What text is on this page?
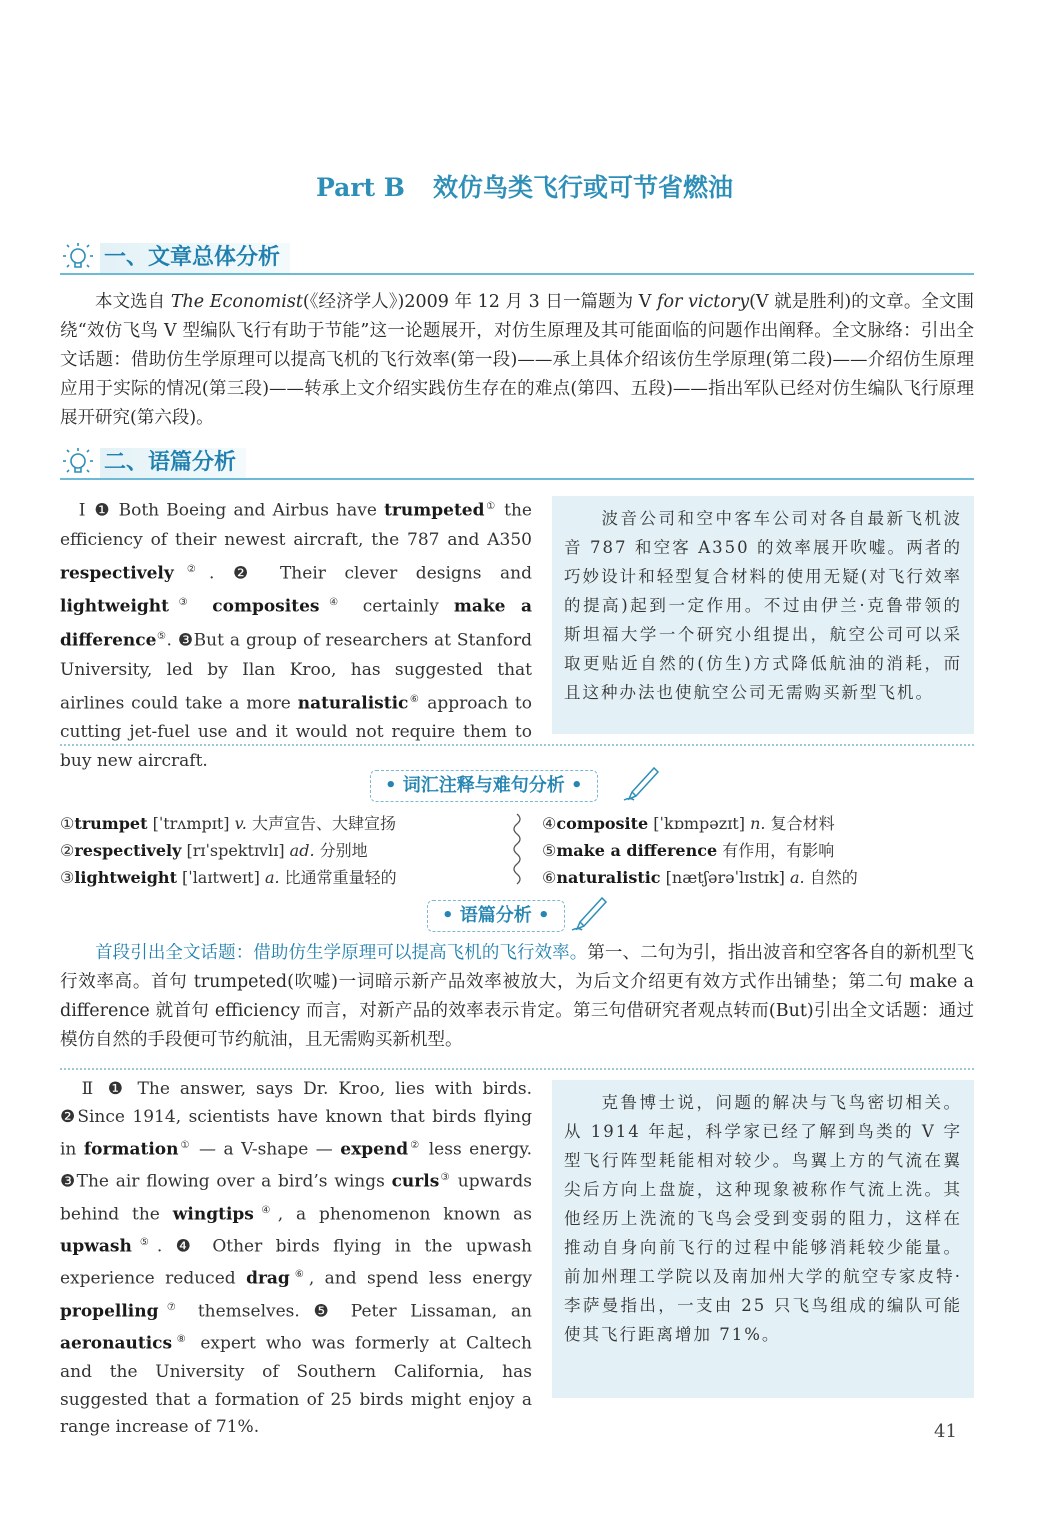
Part B 效仿鸟类飞行或可节省燃油
一、文章总体分析

  本文选自 The Economist(《经济学人》)2009 年 12 月 3 日一篇题为 V for victory(V 就是胜利)的文章。全文围绕“效仿飞鸟 V 型编队飞行有助于节能”这一论题展开，对仿生原理及其可能面临的问题作出阐释。全文脉络：引出全文话题：借助仿生学原理可以提高飞机的飞行效率(第一段)——承上具体介绍该仿生学原理(第二段)——介绍仿生原理应用于实际的情况(第三段)——转承上文介绍实践仿生存在的难点(第四、五段)——指出军队已经对仿生编队飞行原理展开研究(第六段)。

二、语篇分析

 Ⅰ ❶ Both Boeing and Airbus have trumpeted① the efficiency of their newest aircraft, the 787 and A350 respectively②. ❷ Their clever designs and lightweight③ composites④ certainly make a difference⑤. ❸But a group of researchers at Stanford University, led by Ilan Kroo, has suggested that airlines could take a more naturalistic⑥ approach to cutting jet-fuel use and it would not require them to buy new aircraft.

  波音公司和空中客车公司对各自最新飞机波音 787 和空客 A350 的效率展开吹嘘。两者的巧妙设计和轻型复合材料的使用无疑(对飞行效率的提高)起到一定作用。不过由伊兰·克鲁带领的斯坦福大学一个研究小组提出，航空公司可以采取更贴近自然的(仿生)方式降低航油的消耗，而且这种办法也使航空公司无需购买新型飞机。
• 词汇注释与难句分析 •
①trumpet [ˈtrʌmpɪt] v. 大声宣告、大肆宣扬
②respectively [rɪˈspektɪvlɪ] ad. 分别地
③lightweight [ˈlaɪtweɪt] a. 比通常重量轻的
④composite [ˈkɒmpəzɪt] n. 复合材料
⑤make a difference 有作用，有影响
⑥naturalistic [nætʃərəˈlɪstɪk] a. 自然的
• 语篇分析 •

  首段引出全文话题：借助仿生学原理可以提高飞机的飞行效率。第一、二句为引，指出波音和空客各自的新机型飞行效率高。首句 trumpeted(吹嘘)一词暗示新产品效率被放大，为后文介绍更有效方式作出铺垫；第二句 make a difference 就首句 efficiency 而言，对新产品的效率表示肯定。第三句借研究者观点转而(But)引出全文话题：通过模仿自然的手段便可节约航油，且无需购买新机型。

 Ⅱ ❶ The answer, says Dr. Kroo, lies with birds. ❷Since 1914, scientists have known that birds flying in formation① — a V-shape — expend② less energy. ❸The air flowing over a bird’s wings curls③ upwards behind the wingtips④, a phenomenon known as upwash⑤. ❹ Other birds flying in the upwash experience reduced drag⑥, and spend less energy propelling⑦ themselves. ❺ Peter Lissaman, an aeronautics⑧ expert who was formerly at Caltech and the University of Southern California, has suggested that a formation of 25 birds might enjoy a range increase of 71%.

  克鲁博士说，问题的解决与飞鸟密切相关。从 1914 年起，科学家已经了解到鸟类的 V 字型飞行阵型耗能相对较少。鸟翼上方的气流在翼尖后方向上盘旋，这种现象被称作气流上洗。其他经历上洗流的飞鸟会受到变弱的阻力，这样在推动自身向前飞行的过程中能够消耗较少能量。前加州理工学院以及南加州大学的航空专家皮特·李萨曼指出，一支由 25 只飞鸟组成的编队可能使其飞行距离增加 71%。
41
